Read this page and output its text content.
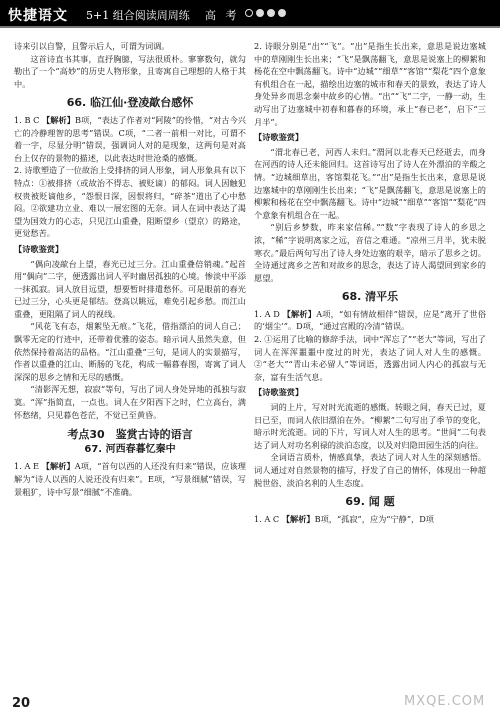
快捷语文 5+1 组合阅读周周练 高 考

诗来引以自警，且警示后人，可谓为词调。

这首诗直书其事，直抒胸臆，写法很质朴。寥寥数句，就勾勒出了一个“高妙”的历史人物形象，且寄寓自己理想的人格于其中。

66. 临江仙·登凌歊台感怀

1. B C 【解析】B项，“表达了作者对“阿陵”的怜惜，“对古今兴亡的冷静理智的思考”错误。C项，“二者一前相一对比，可谓不着一字，尽显分明”错误，强调词人对的是现象，这两句是对高台上仅存的景物的描述，以此表达时世沧桑的感慨。

2. 诗歌塑造了一位故治上受排挤的词人形象，词人形象具有以下特点：①被排挤（或故治不得志、被贬谪）的郁闷。词人因触犯权贵被贬谪他乡，“怨恨日深，因恨将归，“碎茶”道出了心中愁闷。②欲建功立业、难以一展宏图的无奈。词人在词中表达了渴望为国效力的心志，只见江山重叠，阻断望乡（望京）的路途，更觉愁苦。

【诗歌鉴赏】

“偶向凌歊台上望，春光已过三分。江山重叠倍销魂。”起首用“偶向”二字，便透露出词人平时幽居孤独的心境。惨淡中平添一抹孤寂。词人放目远望，想要暂时排遣愁怀。可是眼前的春光已过三分，心头更是郁结。登高以眺远，难免引起乡愁。而江山重叠，更阻隔了词人的视线。

“风花飞有态，烟絮坠无痕。”飞花，借指漂泊的词人自己；飘零无定的行迹中，还带着优雅的姿态。暗示词人虽然失意，但依然保持着高洁的品格。“江山重叠”三句，是词人的实景描写，作者以重叠的江山、断肠的飞花，构成一幅暮春图，寄寓了词人深深的思乡之情和无尽的感慨。

“清影浑无想，寂寂”等句，写出了词人身处异地的孤独与寂寞。“浑”指简直，一点也。词人在夕阳西下之时，伫立高台，满怀愁绪，只见暮色苍茫，不觉已至黄昏。

考点30　鉴赏古诗的语言
67. 河西春暮忆秦中

1. A E 【解析】A项，“首句以西的人还没有归来”错误，应该理解为“诗人以西的人说还没有归来”。E项，“写景细腻”错误，写景粗犷，诗中写景“细腻”不准确。

2. 诗眼分别是“出”“飞”。“出”是指生长出来，意思是说边塞城中的草刚刚生长出来；“飞”是飘荡翻飞，意思是说塞上的柳絮和杨花在空中飘荡翻飞。诗中“边城”“细草”“客馆”“梨花”四个意象有机组合在一起，描绘出边塞的城市和春天的景致，表达了诗人身处异乡而思念秦中故乡的心情。“出”“飞”二字，一静一动，生动写出了边塞城中初春和暮春的环境，承上“春已老”，启下“三月半”。

【诗歌鉴赏】

“渭北春已老，河西人未归。”渭河以北春天已经逝去，而身在河西的诗人还未能回归。这首诗写出了诗人在外漂泊的辛酸之情。“边城细草出，客馆梨花飞。”“出”是指生长出来，意思是说边塞城中的草刚刚生长出来；“飞”是飘荡翻飞，意思是说塞上的柳絮和杨花在空中飘荡翻飞。诗中“边城”“细草”“客馆”“梨花”四个意象有机组合在一起。

“别后乡梦数，昨来家信稀。”“数”字表现了诗人的乡思之浓，“稀”字说明离家之远，音信之难通。“凉州三月半，犹未脱寒衣。”最后两句写出了诗人身处边塞的艰辛，暗示了思乡之切。全诗通过离乡之苦和对故乡的思念，表达了诗人渴望回到家乡的愿望。

68. 清平乐

1. A D 【解析】A项，“如有情故相伴”错误，应是“离开了世俗的‘烟尘’”。D项，“通过宫殿的冷清”错误。

2. ①运用了比喻的修辞手法，词中“浑忘了”“老大”等词，写出了词人在浑浑噩噩中度过的时光，表达了词人对人生的感慨。②“老大”“青山未必留人”等词语，透露出词人内心的孤寂与无奈，富有生活气息。

【诗歌鉴赏】

词的上片，写对时光流逝的感慨。转眼之间，春天已过，夏日已至，而词人依旧漂泊在外。“柳絮”二句写出了季节的变化，暗示时光流逝。词的下片，写词人对人生的思考。“世间”二句表达了词人对功名利禄的淡泊态度，以及对归隐田园生活的向往。

全词语言质朴，情感真挚，表达了词人对人生的深刻感悟。词人通过对自然景物的描写，抒发了自己的情怀，体现出一种超脱世俗、淡泊名利的人生态度。

69. 闻 题

1. A C 【解析】B项，“孤寂”，应为“宁静”，D项

20	MXQE.COM
